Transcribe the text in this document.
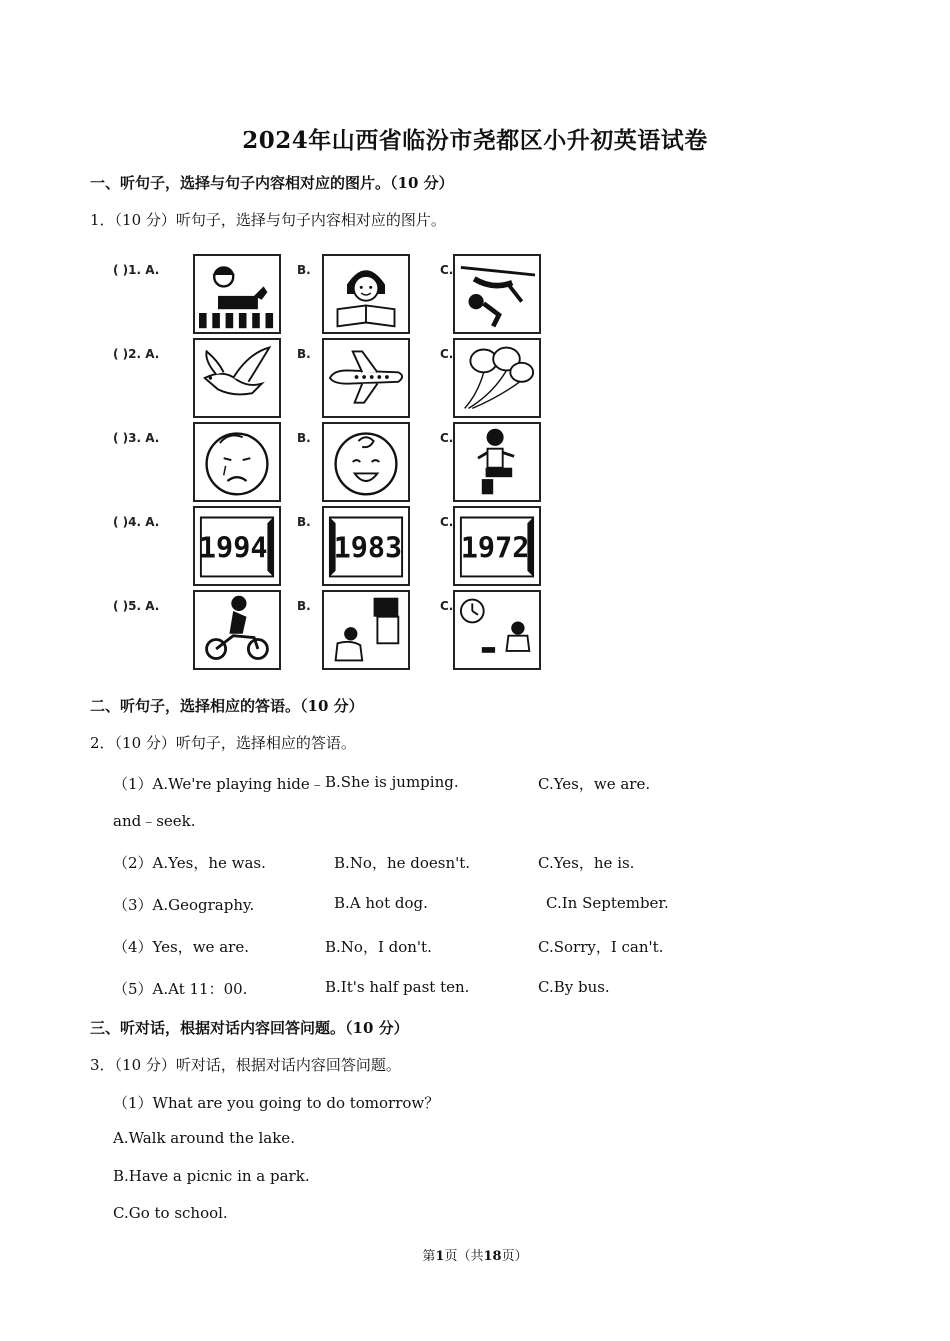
2024年山西省临汾市尧都区小升初英语试卷
一、听句子，选择与句子内容相对应的图片。（10 分）
1．（10 分）听句子，选择与句子内容相对应的图片。
( )1. A.	B.	C.
( )2. A.	B.	C.
( )3. A.	B.	C.
( )4. A.	B.	C.
1994 1983 1972
( )5. A.	B.	C.
二、听句子，选择相应的答语。（10 分）
2．（10 分）听句子，选择相应的答语。
（1）A.We're playing hide﹣ B.She is jumping.	C.Yes，we are.
and﹣seek.
（2）A.Yes，he was.	B.No，he doesn't.	C.Yes，he is.
（3）A.Geography.	B.A hot dog.	C.In September.
（4）Yes，we are.	B.No，I don't.	C.Sorry，I can't.
（5）A.At 11：00.	B.It's half past ten.	C.By bus.
三、听对话，根据对话内容回答问题。（10 分）
3．（10 分）听对话，根据对话内容回答问题。
（1）What are you going to do tomorrow？
A.Walk around the lake.
B.Have a picnic in a park.
C.Go to school.
第1页（共18页）
